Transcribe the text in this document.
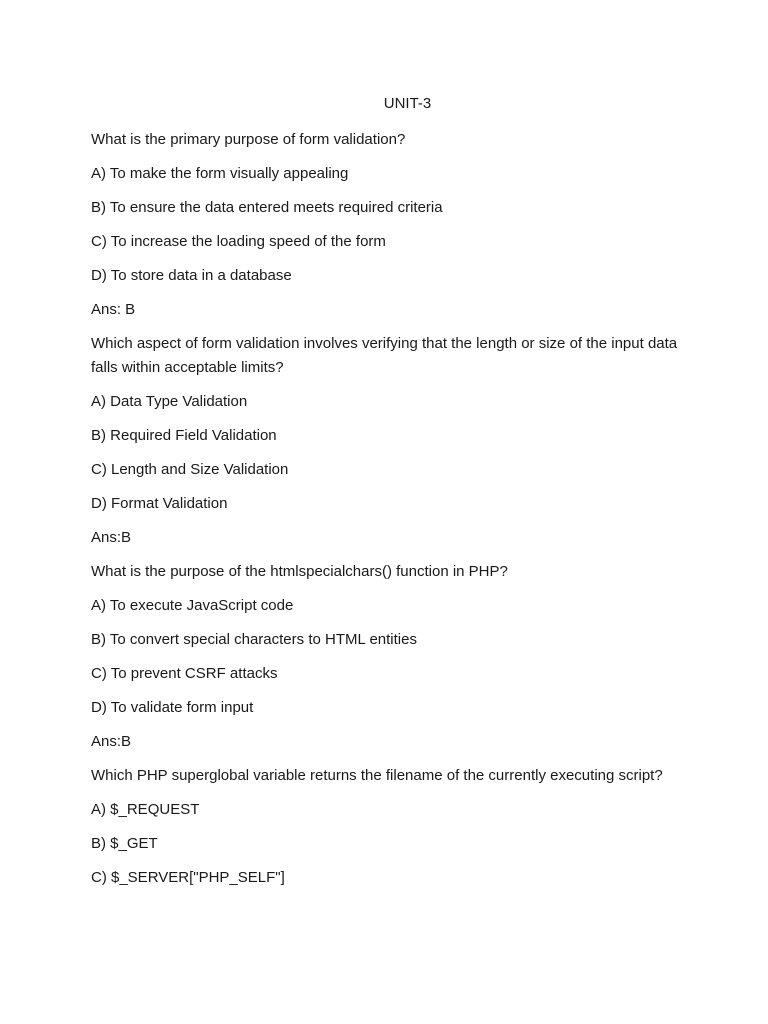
UNIT-3
What is the primary purpose of form validation?
A) To make the form visually appealing
B) To ensure the data entered meets required criteria
C) To increase the loading speed of the form
D) To store data in a database
Ans: B
Which aspect of form validation involves verifying that the length or size of the input data falls within acceptable limits?
A) Data Type Validation
B) Required Field Validation
C) Length and Size Validation
D) Format Validation
Ans:B
What is the purpose of the htmlspecialchars() function in PHP?
A) To execute JavaScript code
B) To convert special characters to HTML entities
C) To prevent CSRF attacks
D) To validate form input
Ans:B
Which PHP superglobal variable returns the filename of the currently executing script?
A) $_REQUEST
B) $_GET
C) $_SERVER["PHP_SELF"]
